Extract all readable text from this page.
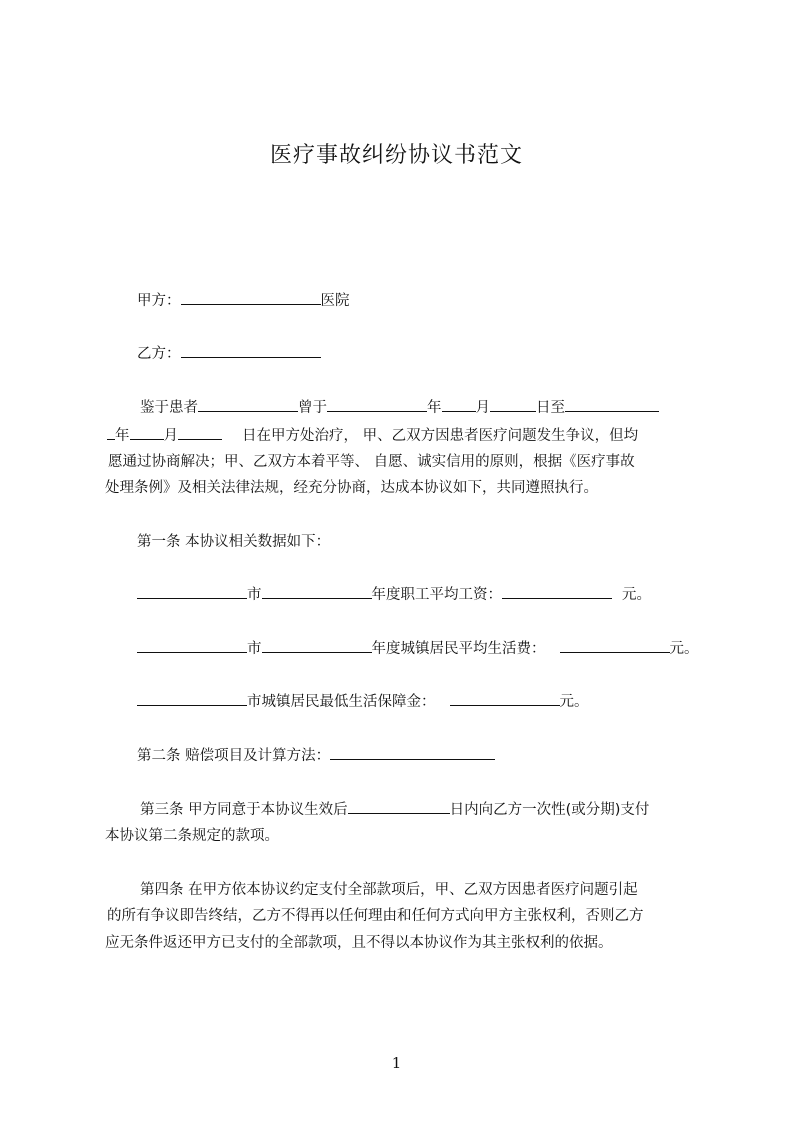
医疗事故纠纷协议书范文
甲方：	医院
乙方：
鉴于患者	曾于	年 月	日至
年 月	日在甲方处治疗， 甲、乙双方因患者医疗问题发生争议，但均
愿通过协商解决；甲、乙双方本着平等、 自愿、诚实信用的原则，根据《医疗事故
处理条例》及相关法律法规，经充分协商，达成本协议如下，共同遵照执行。
第一条 本协议相关数据如下：
市	年度职工平均工资：	元。
市	年度城镇居民平均生活费：	元。
市城镇居民最低生活保障金：	元。
第二条 赔偿项目及计算方法：
第三条 甲方同意于本协议生效后	日内向乙方一次性(或分期)支付
本协议第二条规定的款项。
第四条 在甲方依本协议约定支付全部款项后，甲、乙双方因患者医疗问题引起
的所有争议即告终结，乙方不得再以任何理由和任何方式向甲方主张权利，否则乙方
应无条件返还甲方已支付的全部款项，且不得以本协议作为其主张权利的依据。
1
